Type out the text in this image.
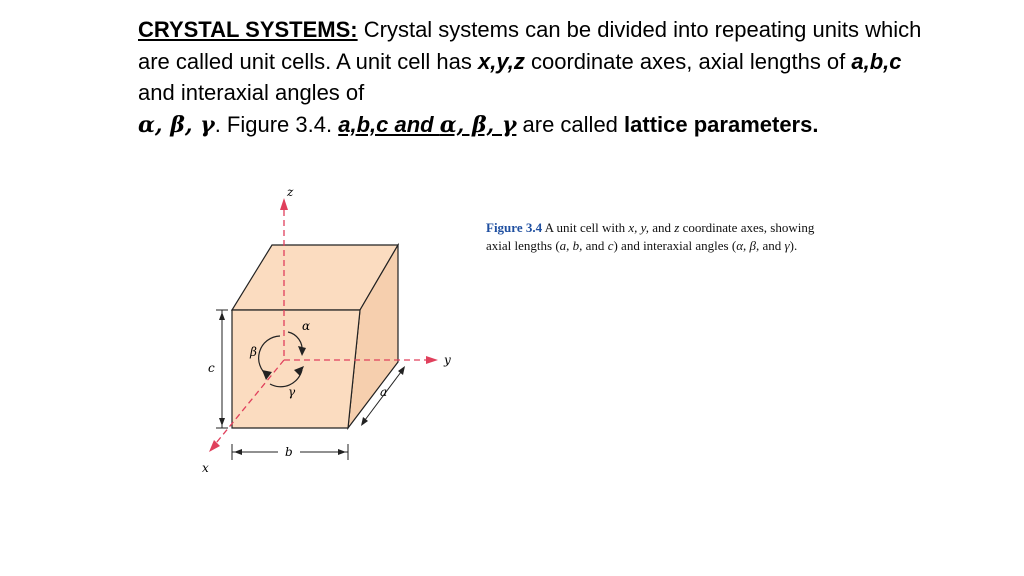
CRYSTAL SYSTEMS: Crystal systems can be divided into repeating units which are called unit cells. A unit cell has x,y,z coordinate axes, axial lengths of a,b,c and interaxial angles of
α, β, γ. Figure 3.4. a,b,c and α, β, γ are called lattice parameters.
z
y
x
c
b
a
α
β
γ
Figure 3.4 A unit cell with x, y, and z coordinate axes, showing axial lengths (a, b, and c) and interaxial angles (α, β, and γ).
